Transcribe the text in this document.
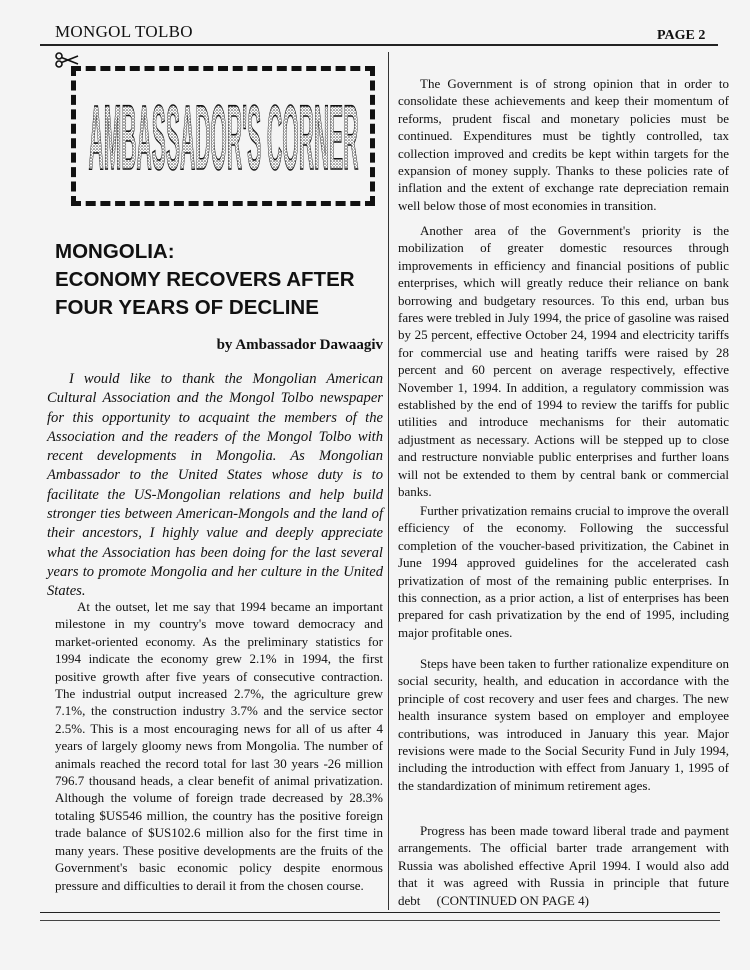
MONGOL TOLBO	PAGE 2
AMBASSADOR'S CORNER
MONGOLIA:
ECONOMY RECOVERS AFTER
FOUR YEARS OF DECLINE
by Ambassador Dawaagiv

I would like to thank the Mongolian American Cultural Association and the Mongol Tolbo newspaper for this opportunity to acquaint the members of the Association and the readers of the Mongol Tolbo with recent developments in Mongolia. As Mongolian Ambassador to the United States whose duty is to facilitate the US-Mongolian relations and help build stronger ties between American-Mongols and the land of their ancestors, I highly value and deeply appreciate what the Association has been doing for the last several years to promote Mongolia and her culture in the United States.

At the outset, let me say that 1994 became an important milestone in my country's move toward democracy and market-oriented economy. As the preliminary statistics for 1994 indicate the economy grew 2.1% in 1994, the first positive growth after five years of consecutive contraction. The industrial output increased 2.7%, the agriculture grew 7.1%, the construction industry 3.7% and the service sector 2.5%. This is a most encouraging news for all of us after 4 years of largely gloomy news from Mongolia. The number of animals reached the record total for last 30 years -26 million 796.7 thousand heads, a clear benefit of animal privatization. Although the volume of foreign trade decreased by 28.3% totaling $US546 million, the country has the positive foreign trade balance of $US102.6 million also for the first time in many years. These positive developments are the fruits of the Government's basic economic policy despite enormous pressure and difficulties to derail it from the chosen course.

The Government is of strong opinion that in order to consolidate these achievements and keep their momentum of reforms, prudent fiscal and monetary policies must be continued. Expenditures must be tightly controlled, tax collection improved and credits be kept within targets for the expansion of money supply. Thanks to these policies rate of inflation and the extent of exchange rate depreciation remain well below those of most economies in transition.

Another area of the Government's priority is the mobilization of greater domestic resources through improvements in efficiency and financial positions of public enterprises, which will greatly reduce their reliance on bank borrowing and budgetary resources. To this end, urban bus fares were trebled in July 1994, the price of gasoline was raised by 25 percent, effective October 24, 1994 and electricity tariffs for commercial use and heating tariffs were raised by 28 percent and 60 percent on average respectively, effective November 1, 1994. In addition, a regulatory commission was established by the end of 1994 to review the tariffs for public utilities and introduce mechanisms for their automatic adjustment as necessary. Actions will be stepped up to close and restructure nonviable public enterprises and further loans will not be extended to them by central bank or commercial banks.

Further privatization remains crucial to improve the overall efficiency of the economy. Following the successful completion of the voucher-based privitization, the Cabinet in June 1994 approved guidelines for the accelerated cash privatization of most of the remaining public enterprises. In this connection, as a prior action, a list of enterprises has been prepared for cash privatization by the end of 1995, including major profitable ones.

Steps have been taken to further rationalize expenditure on social security, health, and education in accordance with the principle of cost recovery and user fees and charges. The new health insurance system based on employer and employee contributions, was introduced in January this year. Major revisions were made to the Social Security Fund in July 1994, including the introduction with effect from January 1, 1995 of the standardization of minimum retirement ages.

Progress has been made toward liberal trade and payment arrangements. The official barter trade arrangement with Russia was abolished effective April 1994. I would also add that it was agreed with Russia in principle that future debt (CONTINUED ON PAGE 4)
